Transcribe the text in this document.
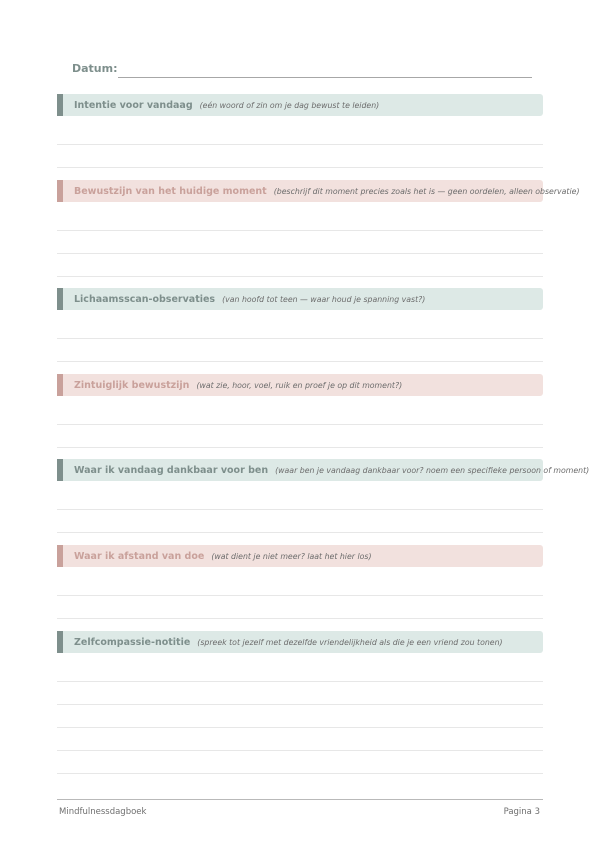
Datum:
Intentie voor vandaag (eén woord of zin om je dag bewust te leiden)
Bewustzijn van het huidige moment (beschrijf dit moment precies zoals het is — geen oordelen, alleen observatie)
Lichaamsscan-observaties (van hoofd tot teen — waar houd je spanning vast?)
Zintuiglijk bewustzijn (wat zie, hoor, voel, ruik en proef je op dit moment?)
Waar ik vandaag dankbaar voor ben (waar ben je vandaag dankbaar voor? noem een specifieke persoon of moment)
Waar ik afstand van doe (wat dient je niet meer? laat het hier los)
Zelfcompassie-notitie (spreek tot jezelf met dezelfde vriendelijkheid als die je een vriend zou tonen)
Mindfulnessdagboek	Pagina 3
